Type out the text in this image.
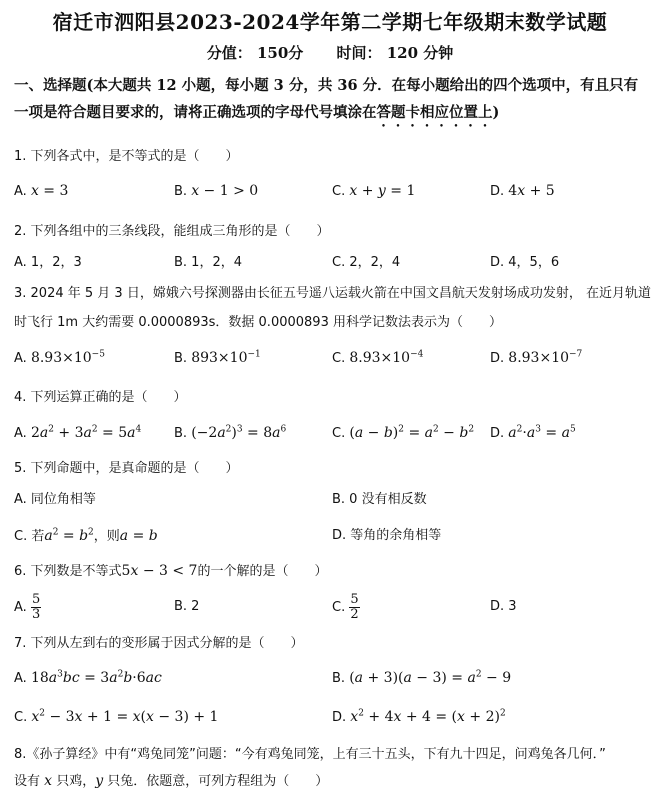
宿迁市泗阳县2023-2024学年第二学期七年级期末数学试题
分值： 150分 时间： 120 分钟
一、选择题(本大题共 12 小题，每小题 3 分，共 36 分．在每小题给出的四个选项中，有且只有一项是符合题目要求的，请将正确选项的字母代号填涂在答题卡相应位置上)
1. 下列各式中，是不等式的是（　　）
A. x = 3	B. x − 1 > 0	C. x + y = 1	D. 4x + 5
2. 下列各组中的三条线段，能组成三角形的是（　　）
A. 1，2，3	B. 1，2，4	C. 2，2，4	D. 4，5，6
3. 2024 年 5 月 3 日，嫦娥六号探测器由长征五号遥八运载火箭在中国文昌航天发射场成功发射， 在近月轨道时飞行 1m 大约需要 0.0000893s．数据 0.0000893 用科学记数法表示为（　　）
A. $8.93\times 10^{-5}$	B. $893\times 10^{-1}$	C. $8.93\times 10^{-4}$	D. $8.93\times 10^{-7}$
4. 下列运算正确的是（　　）
A. $2a^2 + 3a^2 = 5a^4$	B. $(-2a^2)^3 = 8a^6$	C. $(a - b)^2 = a^2 - b^2$ D. $a^2\cdot a^3 = a^5$
5. 下列命题中，是真命题的是（　　）
A. 同位角相等	B. 0 没有相反数
C. 若$a^2 = b^2$，则a = b	D. 等角的余角相等
6. 下列数是不等式5x − 3 < 7的一个解的是（　　）
A. $\frac{5}{3}$	B. 2	C. $\frac{5}{2}$	D. 3
7. 下列从左到右的变形属于因式分解的是（　　）
A. $18a^3bc = 3a^2b\cdot 6ac$	B. $(a + 3)(a - 3) = a^2 - 9$
C. $x^2 - 3x + 1 = x(x - 3) + 1$	D. $x^2 + 4x + 4 = (x + 2)^2$
8.《孙子算经》中有“鸡兔同笼”问题：“今有鸡兔同笼，上有三十五头，下有九十四足，问鸡兔各几何．”
设有 x 只鸡，y 只兔．依题意，可列方程组为（　　）
